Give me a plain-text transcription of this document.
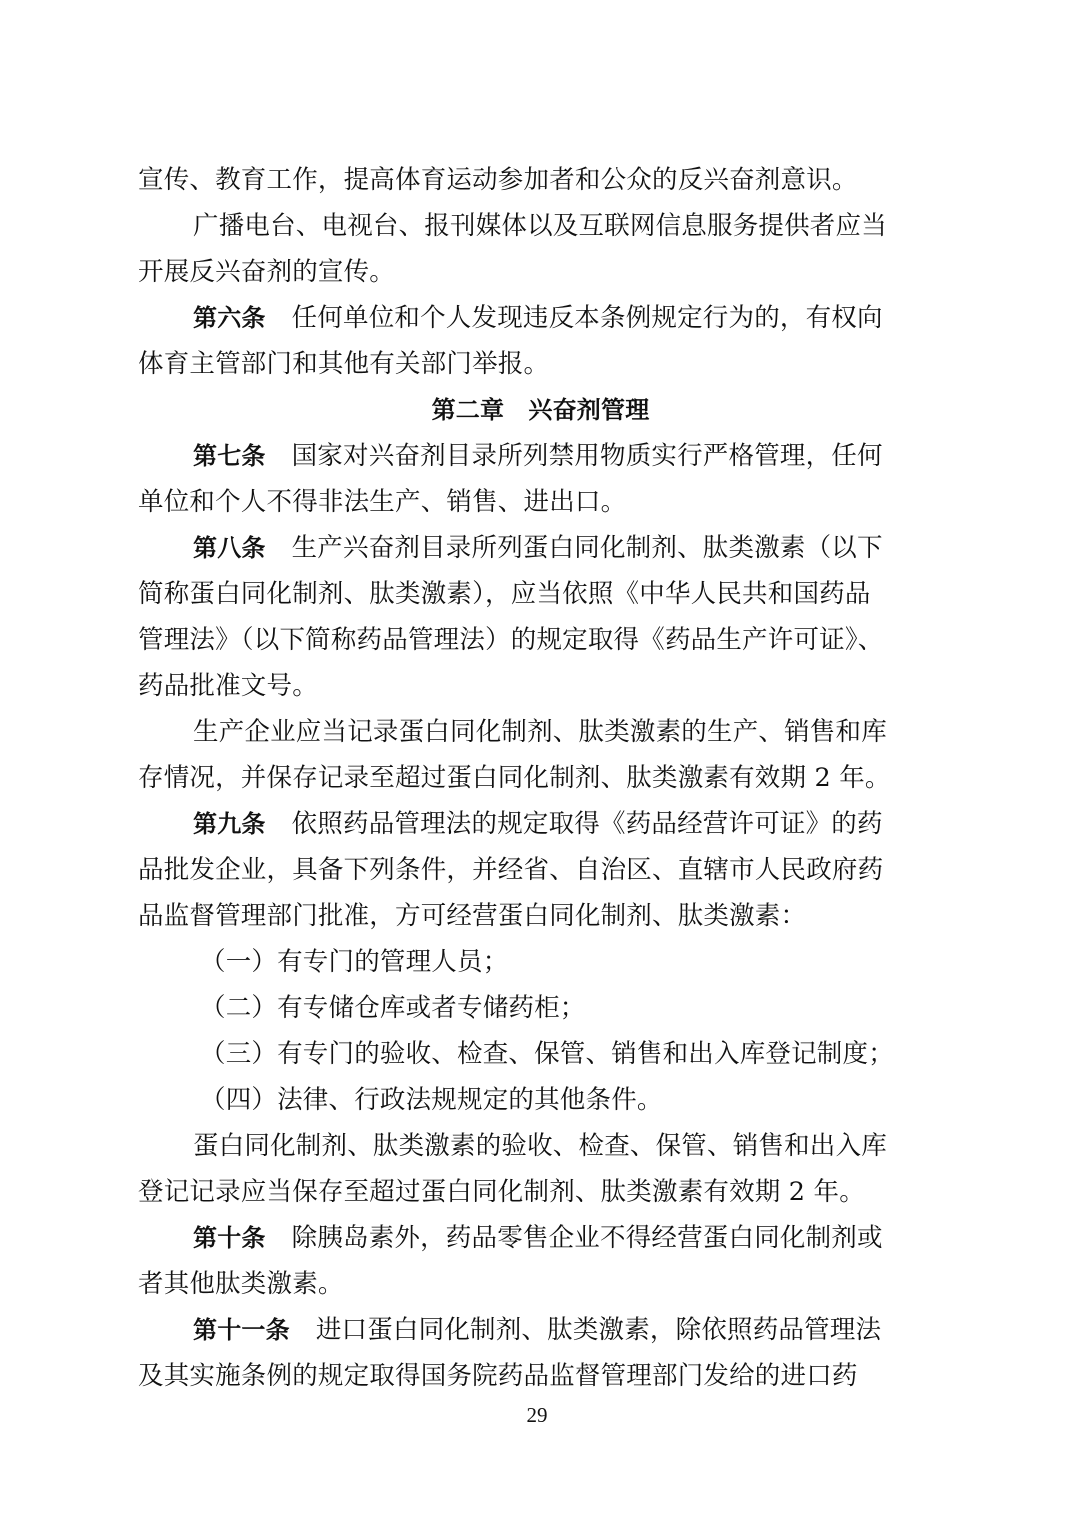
宣传、教育工作，提高体育运动参加者和公众的反兴奋剂意识。
广播电台、电视台、报刊媒体以及互联网信息服务提供者应当
开展反兴奋剂的宣传。
第六条 任何单位和个人发现违反本条例规定行为的，有权向
体育主管部门和其他有关部门举报。
第二章　兴奋剂管理
第七条 国家对兴奋剂目录所列禁用物质实行严格管理，任何
单位和个人不得非法生产、销售、进出口。
第八条 生产兴奋剂目录所列蛋白同化制剂、肽类激素（以下
简称蛋白同化制剂、肽类激素），应当依照《中华人民共和国药品
管理法》（以下简称药品管理法）的规定取得《药品生产许可证》、
药品批准文号。
生产企业应当记录蛋白同化制剂、肽类激素的生产、销售和库
存情况，并保存记录至超过蛋白同化制剂、肽类激素有效期 2 年。
第九条 依照药品管理法的规定取得《药品经营许可证》的药
品批发企业，具备下列条件，并经省、自治区、直辖市人民政府药
品监督管理部门批准，方可经营蛋白同化制剂、肽类激素：
（一）有专门的管理人员；
（二）有专储仓库或者专储药柜；
（三）有专门的验收、检查、保管、销售和出入库登记制度；
（四）法律、行政法规规定的其他条件。
蛋白同化制剂、肽类激素的验收、检查、保管、销售和出入库
登记记录应当保存至超过蛋白同化制剂、肽类激素有效期 2 年。
第十条 除胰岛素外，药品零售企业不得经营蛋白同化制剂或
者其他肽类激素。
第十一条 进口蛋白同化制剂、肽类激素，除依照药品管理法
及其实施条例的规定取得国务院药品监督管理部门发给的进口药
29
